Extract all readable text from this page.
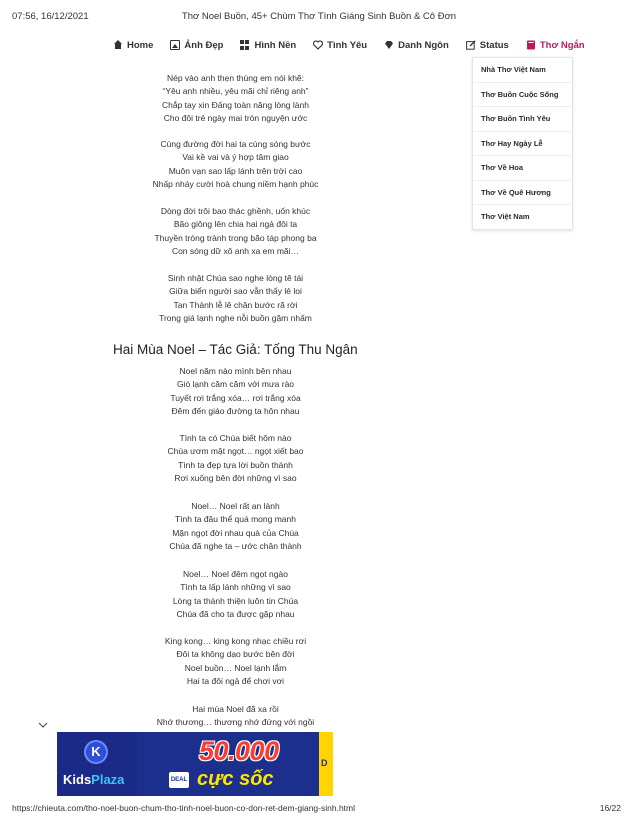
07:56, 16/12/2021	Thơ Noel Buồn, 45+ Chùm Thơ Tình Giáng Sinh Buồn & Cô Đơn
Home	Ảnh Đẹp	Hình Nền	Tình Yêu	Danh Ngôn	Status	Thơ Ngắn
Nhà Thơ Việt Nam
Thơ Buồn Cuộc Sống
Thơ Buồn Tình Yêu
Thơ Hay Ngày Lễ
Thơ Về Hoa
Thơ Về Quê Hương
Thơ Việt Nam
Nép vào anh thẹn thùng em nói khẽ:
“Yêu anh nhiều, yêu mãi chỉ riêng anh”
Chắp tay xin Đấng toàn năng lòng lành
Cho đôi trẻ ngày mai tròn nguyện ước
Cùng đường đời hai ta cùng sóng bước
Vai kề vai và ý hợp tâm giao
Muôn vạn sao lấp lánh trên trời cao
Nhấp nháy cười hoà chung niềm hạnh phúc
Dòng đời trôi bao thác ghềnh, uốn khúc
Bão giông lên chia hai ngả đôi ta
Thuyền tròng trành trong bão táp phong ba
Con sóng dữ xô anh xa em mãi…
Sinh nhật Chúa sao nghe lòng tê tái
Giữa biển người sao vẫn thấy lẻ loi
Tan Thánh lễ lê chân bước rã rời
Trong giá lạnh nghe nỗi buồn gặm nhấm
Hai Mùa Noel – Tác Giả: Tống Thu Ngân
Noel năm nào mình bên nhau
Gió lạnh căm căm với mưa rào
Tuyết rơi trắng xóa… rơi trắng xóa
Đêm đến giáo đường ta hôn nhau
Tình ta có Chúa biết hôm nào
Chúa ươm mật ngọt… ngọt xiết bao
Tình ta đẹp tựa lời buồn thánh
Rơi xuống bên đời những vì sao
Noel… Noel rất an lành
Tình ta đâu thể quá mong manh
Mặn ngọt đời nhau quà của Chúa
Chúa đã nghe ta – ước chân thành
Noel… Noel đêm ngọt ngào
Tình ta lấp lánh những vì sao
Lòng ta thánh thiện luôn tin Chúa
Chúa đã cho ta được gặp nhau
King kong… king kong nhạc chiều rơi
Đôi ta không dạo bước bên đời
Noel buồn… Noel lạnh lắm
Hai ta đôi ngả để chơi vơi
Hai mùa Noel đã xa rồi
Nhớ thương… thương nhớ đứng với ngồi
K
KidsPlaza
50.000
DEAL cực sốc
D
https://chieuta.com/tho-noel-buon-chum-tho-tinh-noel-buon-co-don-ret-dem-giang-sinh.html	16/22
